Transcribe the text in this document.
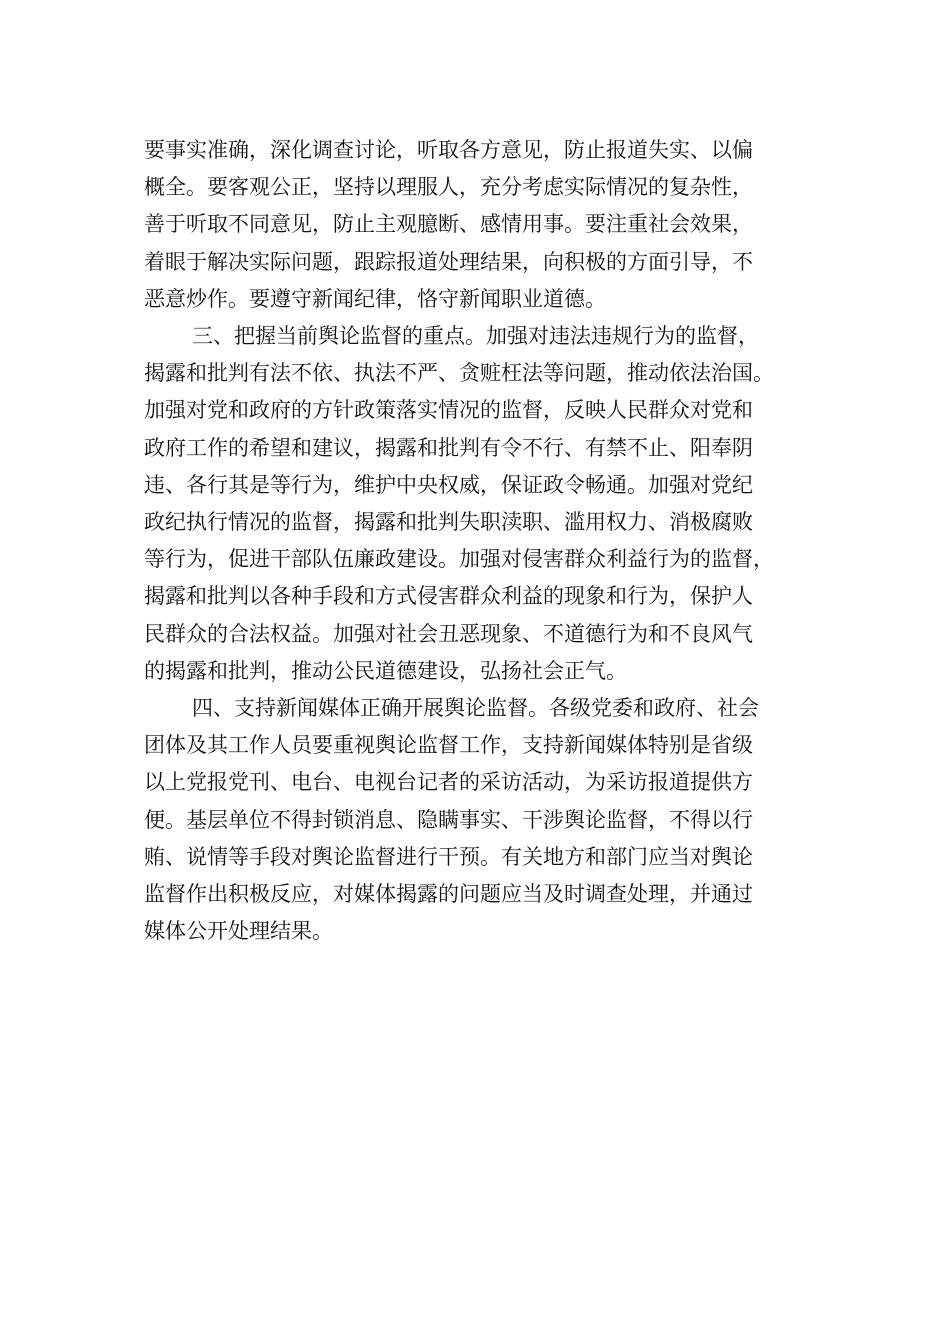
要事实准确，深化调查讨论，听取各方意见，防止报道失实、以偏
概全。要客观公正，坚持以理服人，充分考虑实际情况的复杂性，
善于听取不同意见，防止主观臆断、感情用事。要注重社会效果，
着眼于解决实际问题，跟踪报道处理结果，向积极的方面引导，不
恶意炒作。要遵守新闻纪律，恪守新闻职业道德。

三、把握当前舆论监督的重点。加强对违法违规行为的监督，
揭露和批判有法不依、执法不严、贪赃枉法等问题，推动依法治国。
加强对党和政府的方针政策落实情况的监督，反映人民群众对党和
政府工作的希望和建议，揭露和批判有令不行、有禁不止、阳奉阴
违、各行其是等行为，维护中央权威，保证政令畅通。加强对党纪
政纪执行情况的监督，揭露和批判失职渎职、滥用权力、消极腐败
等行为，促进干部队伍廉政建设。加强对侵害群众利益行为的监督，
揭露和批判以各种手段和方式侵害群众利益的现象和行为，保护人
民群众的合法权益。加强对社会丑恶现象、不道德行为和不良风气
的揭露和批判，推动公民道德建设，弘扬社会正气。

四、支持新闻媒体正确开展舆论监督。各级党委和政府、社会
团体及其工作人员要重视舆论监督工作，支持新闻媒体特别是省级
以上党报党刊、电台、电视台记者的采访活动，为采访报道提供方
便。基层单位不得封锁消息、隐瞒事实、干涉舆论监督，不得以行
贿、说情等手段对舆论监督进行干预。有关地方和部门应当对舆论
监督作出积极反应，对媒体揭露的问题应当及时调查处理，并通过
媒体公开处理结果。
